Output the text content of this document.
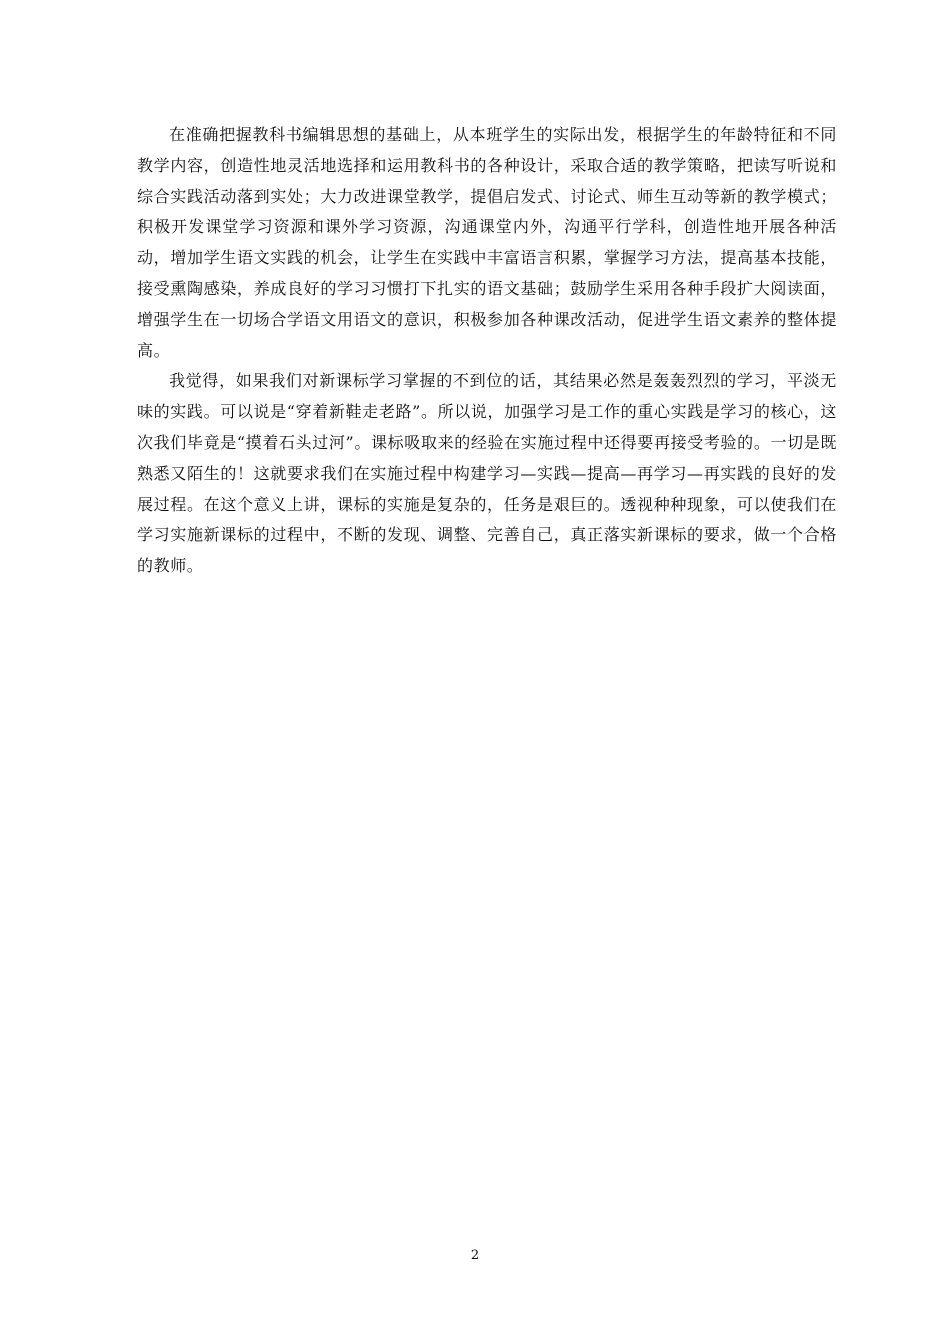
在准确把握教科书编辑思想的基础上，从本班学生的实际出发，根据学生的年龄特征和不同教学内容，创造性地灵活地选择和运用教科书的各种设计，采取合适的教学策略，把读写听说和综合实践活动落到实处；大力改进课堂教学，提倡启发式、讨论式、师生互动等新的教学模式；积极开发课堂学习资源和课外学习资源，沟通课堂内外，沟通平行学科，创造性地开展各种活动，增加学生语文实践的机会，让学生在实践中丰富语言积累，掌握学习方法，提高基本技能，接受熏陶感染，养成良好的学习习惯打下扎实的语文基础；鼓励学生采用各种手段扩大阅读面，增强学生在一切场合学语文用语文的意识，积极参加各种课改活动，促进学生语文素养的整体提高。

我觉得，如果我们对新课标学习掌握的不到位的话，其结果必然是轰轰烈烈的学习，平淡无味的实践。可以说是“穿着新鞋走老路”。所以说，加强学习是工作的重心实践是学习的核心，这次我们毕竟是“摸着石头过河”。课标吸取来的经验在实施过程中还得要再接受考验的。一切是既熟悉又陌生的！这就要求我们在实施过程中构建学习—实践—提高—再学习—再实践的良好的发展过程。在这个意义上讲，课标的实施是复杂的，任务是艰巨的。透视种种现象，可以使我们在学习实施新课标的过程中，不断的发现、调整、完善自己，真正落实新课标的要求，做一个合格的教师。

2
